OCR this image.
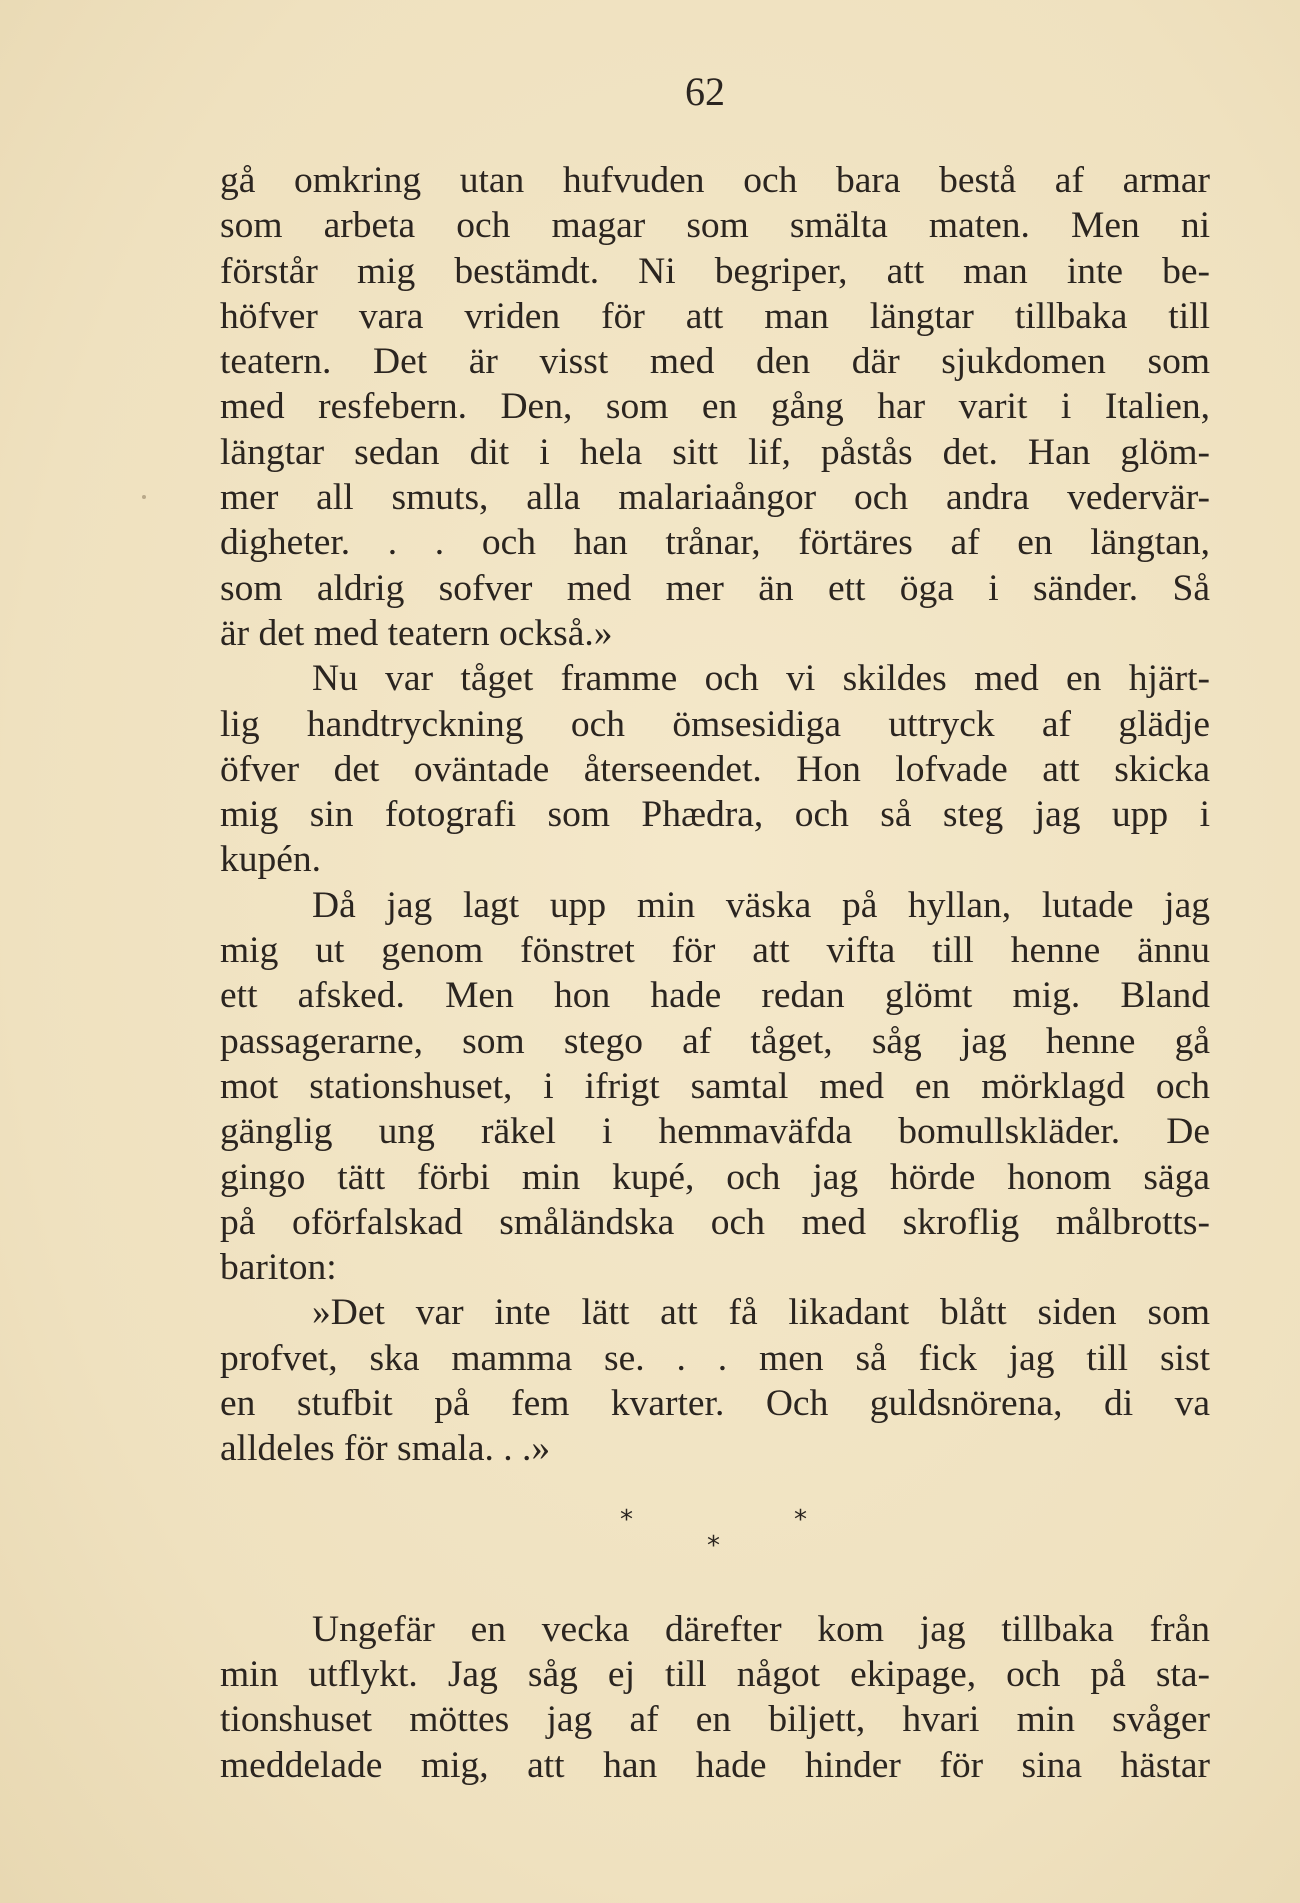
62
gå omkring utan hufvuden och bara bestå af armar
som arbeta och magar som smälta maten. Men ni
förstår mig bestämdt. Ni begriper, att man inte be-
höfver vara vriden för att man längtar tillbaka till
teatern. Det är visst med den där sjukdomen som
med resfebern. Den, som en gång har varit i Italien,
längtar sedan dit i hela sitt lif, påstås det. Han glöm-
mer all smuts, alla malariaångor och andra vedervär-
digheter. . . och han trånar, förtäres af en längtan,
som aldrig sofver med mer än ett öga i sänder. Så
är det med teatern också.»
Nu var tåget framme och vi skildes med en hjärt-
lig handtryckning och ömsesidiga uttryck af glädje
öfver det oväntade återseendet. Hon lofvade att skicka
mig sin fotografi som Phædra, och så steg jag upp i
kupén.
Då jag lagt upp min väska på hyllan, lutade jag
mig ut genom fönstret för att vifta till henne ännu
ett afsked. Men hon hade redan glömt mig. Bland
passagerarne, som stego af tåget, såg jag henne gå
mot stationshuset, i ifrigt samtal med en mörklagd och
gänglig ung räkel i hemmaväfda bomullskläder. De
gingo tätt förbi min kupé, och jag hörde honom säga
på oförfalskad småländska och med skroflig målbrotts-
bariton:
»Det var inte lätt att få likadant blått siden som
profvet, ska mamma se. . . men så fick jag till sist
en stufbit på fem kvarter. Och guldsnörena, di va
alldeles för smala. . .»
*
*
*
Ungefär en vecka därefter kom jag tillbaka från
min utflykt. Jag såg ej till något ekipage, och på sta-
tionshuset möttes jag af en biljett, hvari min svåger
meddelade mig, att han hade hinder för sina hästar
